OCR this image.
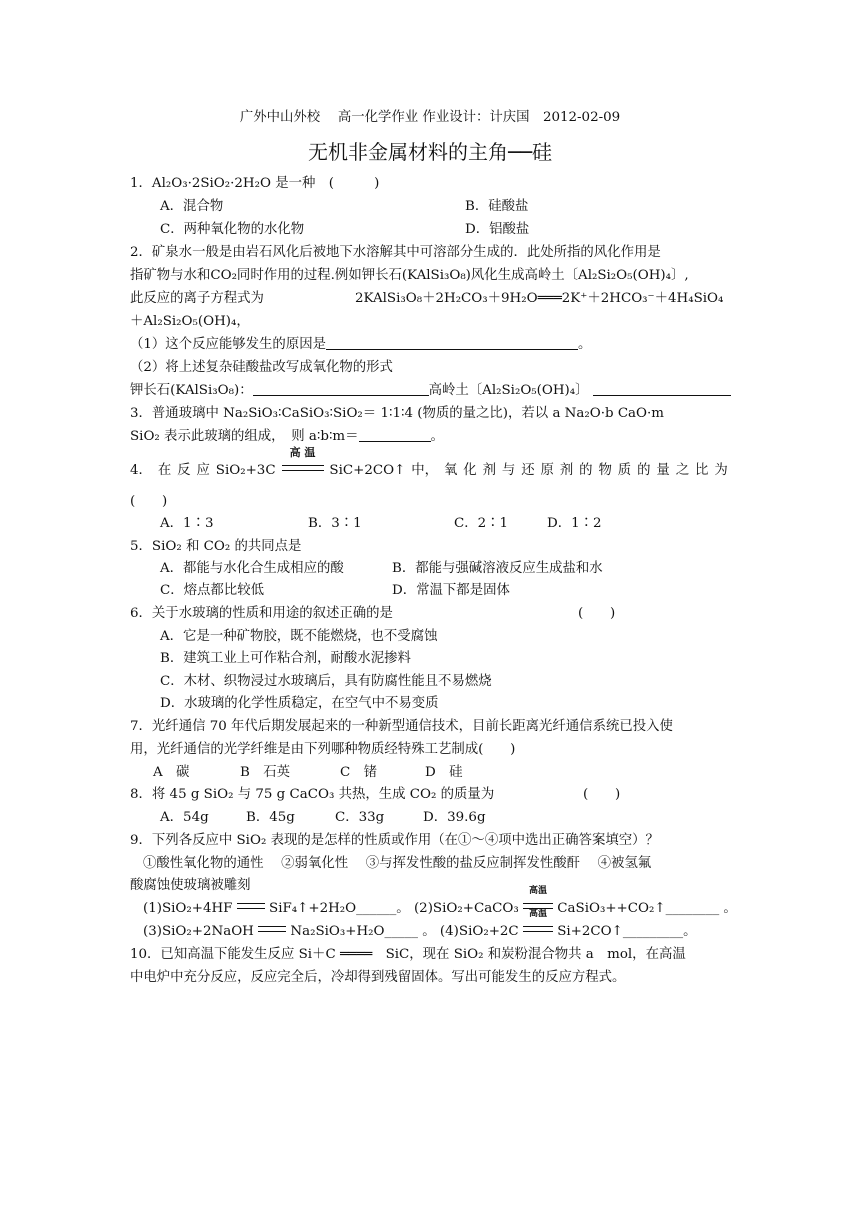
广外中山外校　 高一化学作业 作业设计：计庆国　2012-02-09
无机非金属材料的主角──硅
1．Al₂O₃·2SiO₂·2H₂O 是一种　(　　　)
A．混合物	B．硅酸盐
C．两种氧化物的水化物	D．铝酸盐
2．矿泉水一般是由岩石风化后被地下水溶解其中可溶部分生成的．此处所指的风化作用是
指矿物与水和CO₂同时作用的过程.例如钾长石(KAlSi₃O₈)风化生成高岭土〔Al₂Si₂O₅(OH)₄〕,
此反应的离子方程式为	2KAlSi₃O₈＋2H₂CO₃＋9H₂O═══2K⁺＋2HCO₃⁻＋4H₄SiO₄
＋Al₂Si₂O₅(OH)₄，
（1）这个反应能够发生的原因是	。
（2）将上述复杂硅酸盐改写成氧化物的形式
钾长石(KAlSi₃O₈)：	高岭土〔Al₂Si₂O₅(OH)₄〕
3．普通玻璃中 Na₂SiO₃∶CaSiO₃∶SiO₂＝ 1∶1∶4 (物质的量之比)，若以 a Na₂O·b CaO·m
SiO₂ 表示此玻璃的组成，　则 a∶b∶m＝	。
4． 在 反 应 SiO₂+3C
高 温
SiC+2CO↑ 中， 氧 化 剂 与 还 原 剂 的 物 质 的 量 之 比 为
(　　)
A．1∶3	B．3∶1	C．2∶1	D．1∶2
5．SiO₂ 和 CO₂ 的共同点是
A．都能与水化合生成相应的酸	B．都能与强碱溶液反应生成盐和水
C．熔点都比较低	D．常温下都是固体
6．关于水玻璃的性质和用途的叙述正确的是	(　　)
A．它是一种矿物胶，既不能燃烧，也不受腐蚀
B．建筑工业上可作粘合剂，耐酸水泥掺料
C．木材、织物浸过水玻璃后，具有防腐性能且不易燃烧
D．水玻璃的化学性质稳定，在空气中不易变质
7．光纤通信 70 年代后期发展起来的一种新型通信技术，目前长距离光纤通信系统已投入使
用，光纤通信的光学纤维是由下列哪种物质经特殊工艺制成(　　)
A　碳	B　石英	C　锗	D　硅
8．将 45 g SiO₂ 与 75 g CaCO₃ 共热，生成 CO₂ 的质量为	(　　)
A．54g	B．45g	C．33g	D．39.6g
9．下列各反应中 SiO₂ 表现的是怎样的性质或作用（在①～④项中选出正确答案填空）？
①酸性氧化物的通性　 ②弱氧化性　 ③与挥发性酸的盐反应制挥发性酸酐　 ④被氢氟
酸腐蚀使玻璃被雕刻
(1)SiO₂+4HF	SiF₄↑+2H₂O______。 (2)SiO₂+CaCO₃
高温
CaSiO₃++CO₂↑________ 。
(3)SiO₂+2NaOH	Na₂SiO₃+H₂O_____ 。 (4)SiO₂+2C
高温
Si+2CO↑_________。
10．已知高温下能发生反应 Si＋C ════　SiC，现在 SiO₂ 和炭粉混合物共 a　mol，在高温
中电炉中充分反应，反应完全后，冷却得到残留固体。写出可能发生的反应方程式。
